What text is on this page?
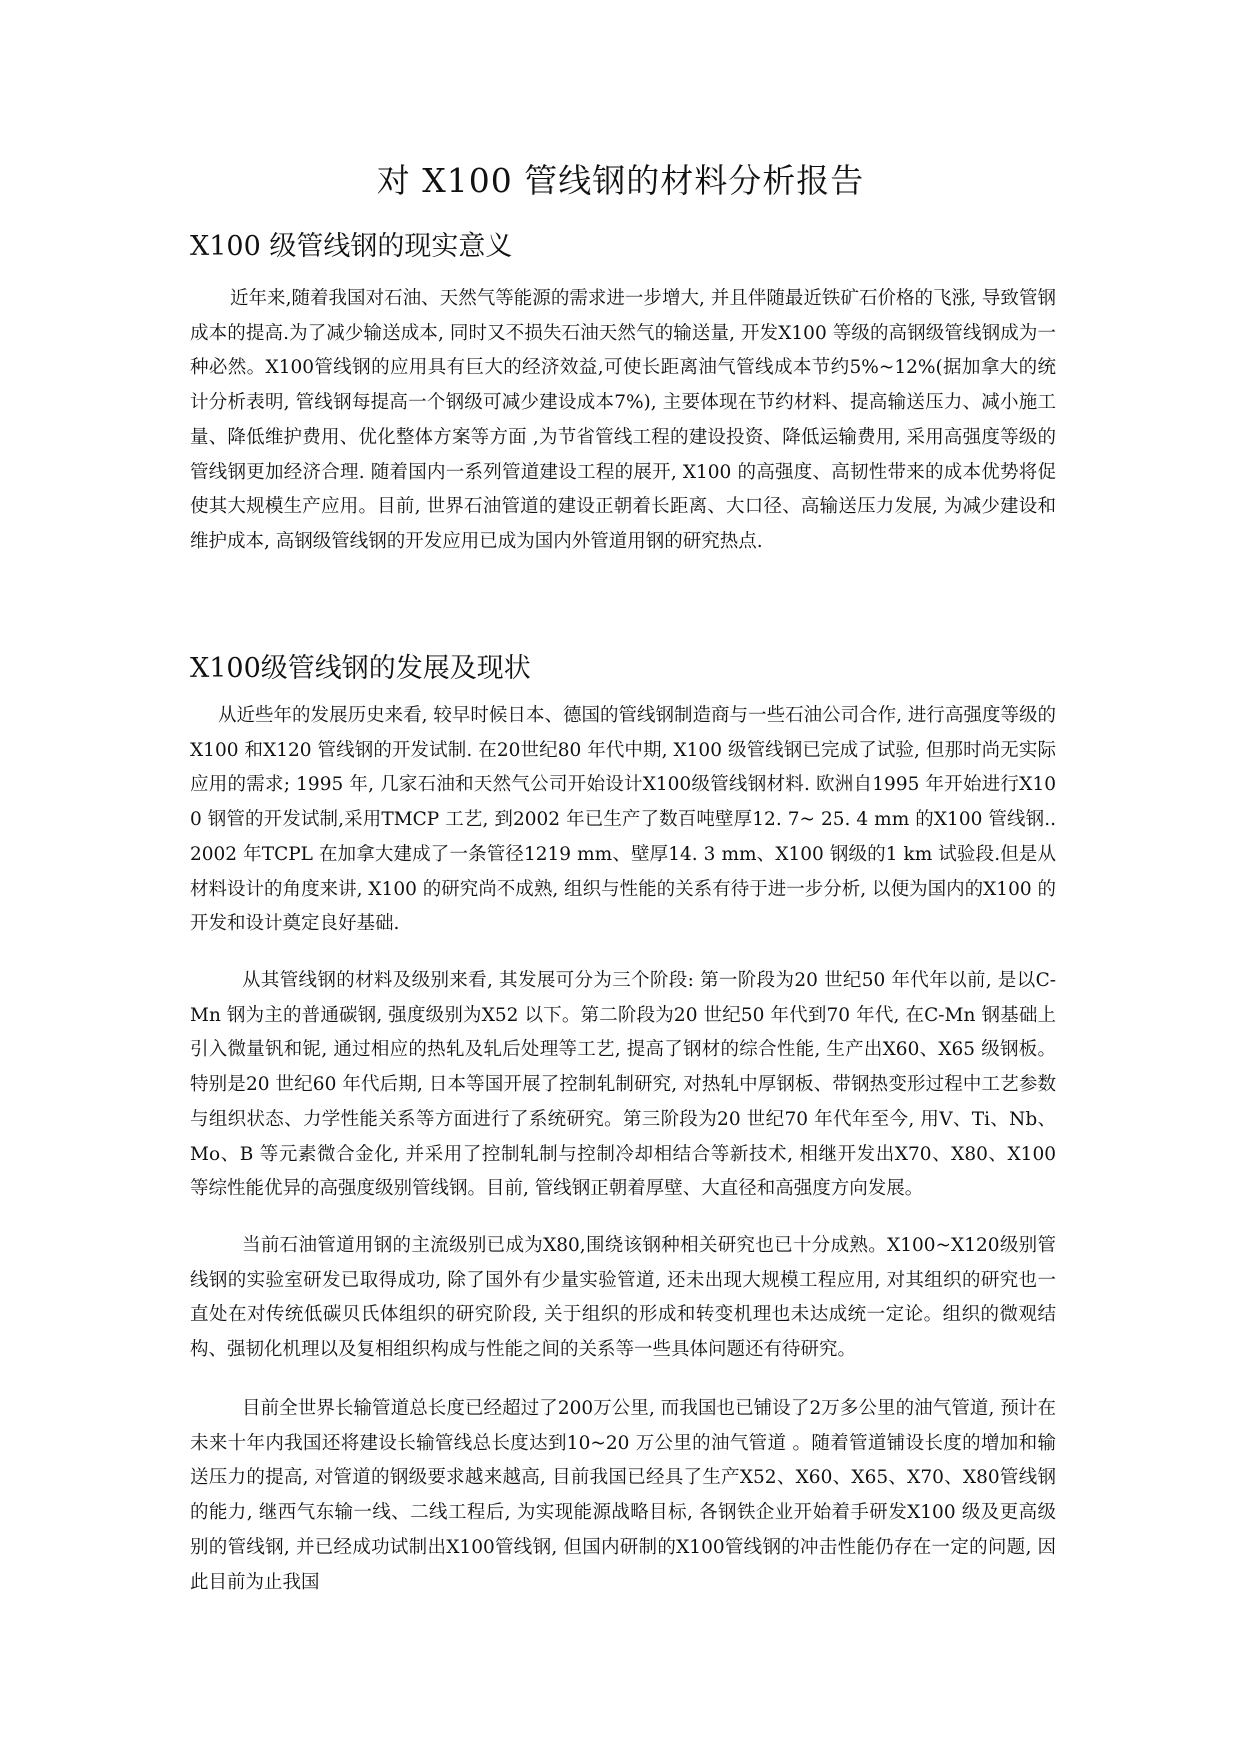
对 X100 管线钢的材料分析报告
X100 级管线钢的现实意义

近年来,随着我国对石油、天然气等能源的需求进一步增大, 并且伴随最近铁矿石价格的飞涨, 导致管钢成本的提高.为了减少输送成本, 同时又不损失石油天然气的输送量, 开发X100 等级的高钢级管线钢成为一种必然。X100管线钢的应用具有巨大的经济效益,可使长距离油气管线成本节约5%~12%(据加拿大的统计分析表明, 管线钢每提高一个钢级可减少建设成本7%), 主要体现在节约材料、提高输送压力、减小施工量、降低维护费用、优化整体方案等方面 ,为节省管线工程的建设投资、降低运输费用, 采用高强度等级的管线钢更加经济合理. 随着国内一系列管道建设工程的展开, X100 的高强度、高韧性带来的成本优势将促使其大规模生产应用。目前, 世界石油管道的建设正朝着长距离、大口径、高输送压力发展, 为减少建设和维护成本, 高钢级管线钢的开发应用已成为国内外管道用钢的研究热点.

X100级管线钢的发展及现状

从近些年的发展历史来看, 较早时候日本、德国的管线钢制造商与一些石油公司合作, 进行高强度等级的X100 和X120 管线钢的开发试制. 在20世纪80 年代中期, X100 级管线钢已完成了试验, 但那时尚无实际应用的需求; 1995 年, 几家石油和天然气公司开始设计X100级管线钢材料. 欧洲自1995 年开始进行X100 钢管的开发试制,采用TMCP 工艺, 到2002 年已生产了数百吨壁厚12. 7~ 25. 4 mm 的X100 管线钢.. 2002 年TCPL 在加拿大建成了一条管径1219 mm、壁厚14. 3 mm、X100 钢级的1 km 试验段.但是从材料设计的角度来讲, X100 的研究尚不成熟, 组织与性能的关系有待于进一步分析, 以便为国内的X100 的开发和设计奠定良好基础.

从其管线钢的材料及级别来看, 其发展可分为三个阶段: 第一阶段为20 世纪50 年代年以前, 是以C-Mn 钢为主的普通碳钢, 强度级别为X52 以下。第二阶段为20 世纪50 年代到70 年代, 在C-Mn 钢基础上引入微量钒和铌, 通过相应的热轧及轧后处理等工艺, 提高了钢材的综合性能, 生产出X60、X65 级钢板。特别是20 世纪60 年代后期, 日本等国开展了控制轧制研究, 对热轧中厚钢板、带钢热变形过程中工艺参数与组织状态、力学性能关系等方面进行了系统研究。第三阶段为20 世纪70 年代年至今, 用V、Ti、Nb、Mo、B 等元素微合金化, 并采用了控制轧制与控制冷却相结合等新技术, 相继开发出X70、X80、X100 等综性能优异的高强度级别管线钢。目前, 管线钢正朝着厚壁、大直径和高强度方向发展。

当前石油管道用钢的主流级别已成为X80,围绕该钢种相关研究也已十分成熟。X100~X120级别管线钢的实验室研发已取得成功, 除了国外有少量实验管道, 还未出现大规模工程应用, 对其组织的研究也一直处在对传统低碳贝氏体组织的研究阶段, 关于组织的形成和转变机理也未达成统一定论。组织的微观结构、强韧化机理以及复相组织构成与性能之间的关系等一些具体问题还有待研究。

目前全世界长输管道总长度已经超过了200万公里, 而我国也已铺设了2万多公里的油气管道, 预计在未来十年内我国还将建设长输管线总长度达到10~20 万公里的油气管道 。随着管道铺设长度的增加和输送压力的提高, 对管道的钢级要求越来越高, 目前我国已经具了生产X52、X60、X65、X70、X80管线钢的能力, 继西气东输一线、二线工程后, 为实现能源战略目标, 各钢铁企业开始着手研发X100 级及更高级别的管线钢, 并已经成功试制出X100管线钢, 但国内研制的X100管线钢的冲击性能仍存在一定的问题, 因此目前为止我国
